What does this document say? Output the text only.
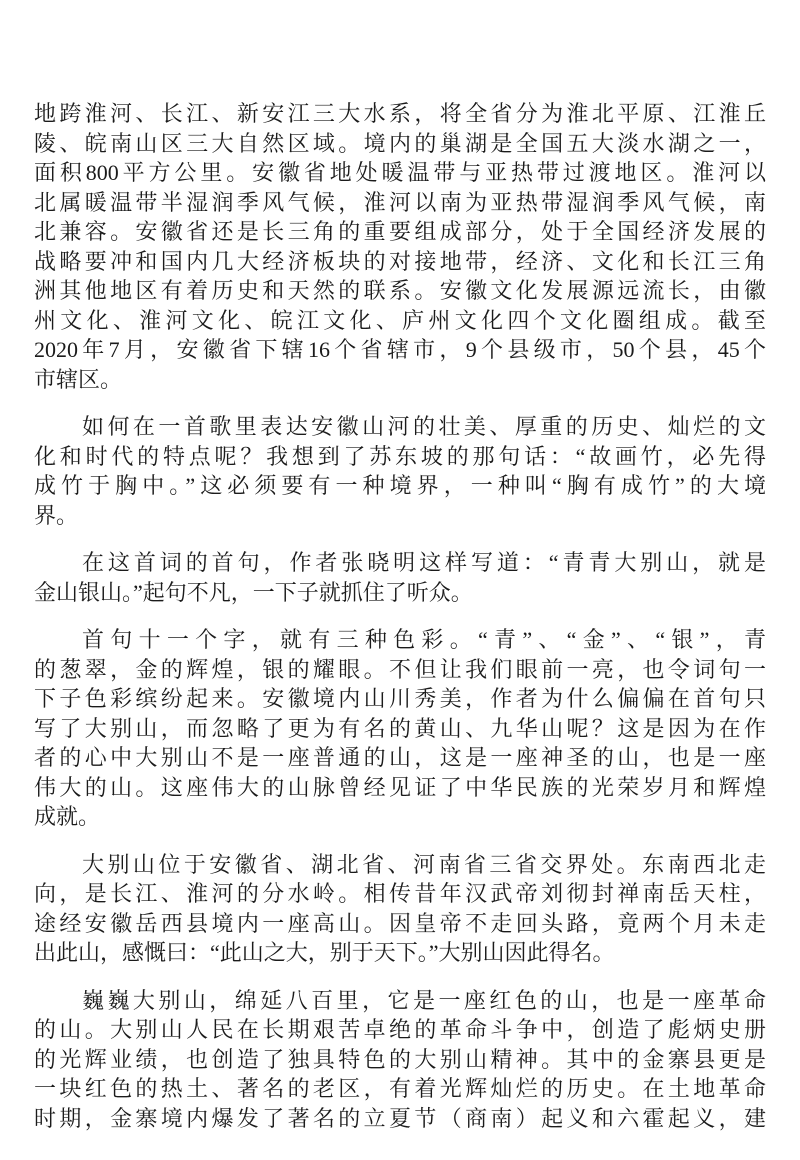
地跨淮河、长江、新安江三大水系，将全省分为淮北平原、江淮丘
陵、皖南山区三大自然区域。境内的巢湖是全国五大淡水湖之一，
面积800平方公里。安徽省地处暖温带与亚热带过渡地区。淮河以
北属暖温带半湿润季风气候，淮河以南为亚热带湿润季风气候，南
北兼容。安徽省还是长三角的重要组成部分，处于全国经济发展的
战略要冲和国内几大经济板块的对接地带，经济、文化和长江三角
洲其他地区有着历史和天然的联系。安徽文化发展源远流长，由徽
州文化、淮河文化、皖江文化、庐州文化四个文化圈组成。截至
2020年7月，安徽省下辖16个省辖市，9个县级市，50个县，45个
市辖区。
如何在一首歌里表达安徽山河的壮美、厚重的历史、灿烂的文
化和时代的特点呢？我想到了苏东坡的那句话：“故画竹，必先得
成竹于胸中。”这必须要有一种境界，一种叫“胸有成竹”的大境
界。
在这首词的首句，作者张晓明这样写道：“青青大别山，就是
金山银山。”起句不凡，一下子就抓住了听众。
首句十一个字，就有三种色彩。“青”、“金”、“银”，青
的葱翠，金的辉煌，银的耀眼。不但让我们眼前一亮，也令词句一
下子色彩缤纷起来。安徽境内山川秀美，作者为什么偏偏在首句只
写了大别山，而忽略了更为有名的黄山、九华山呢？这是因为在作
者的心中大别山不是一座普通的山，这是一座神圣的山，也是一座
伟大的山。这座伟大的山脉曾经见证了中华民族的光荣岁月和辉煌
成就。
大别山位于安徽省、湖北省、河南省三省交界处。东南西北走
向，是长江、淮河的分水岭。相传昔年汉武帝刘彻封禅南岳天柱，
途经安徽岳西县境内一座高山。因皇帝不走回头路，竟两个月未走
出此山，感慨曰：“此山之大，别于天下。”大别山因此得名。
巍巍大别山，绵延八百里，它是一座红色的山，也是一座革命
的山。大别山人民在长期艰苦卓绝的革命斗争中，创造了彪炳史册
的光辉业绩，也创造了独具特色的大别山精神。其中的金寨县更是
一块红色的热土、著名的老区，有着光辉灿烂的历史。在土地革命
时期，金寨境内爆发了著名的立夏节（商南）起义和六霍起义，建
